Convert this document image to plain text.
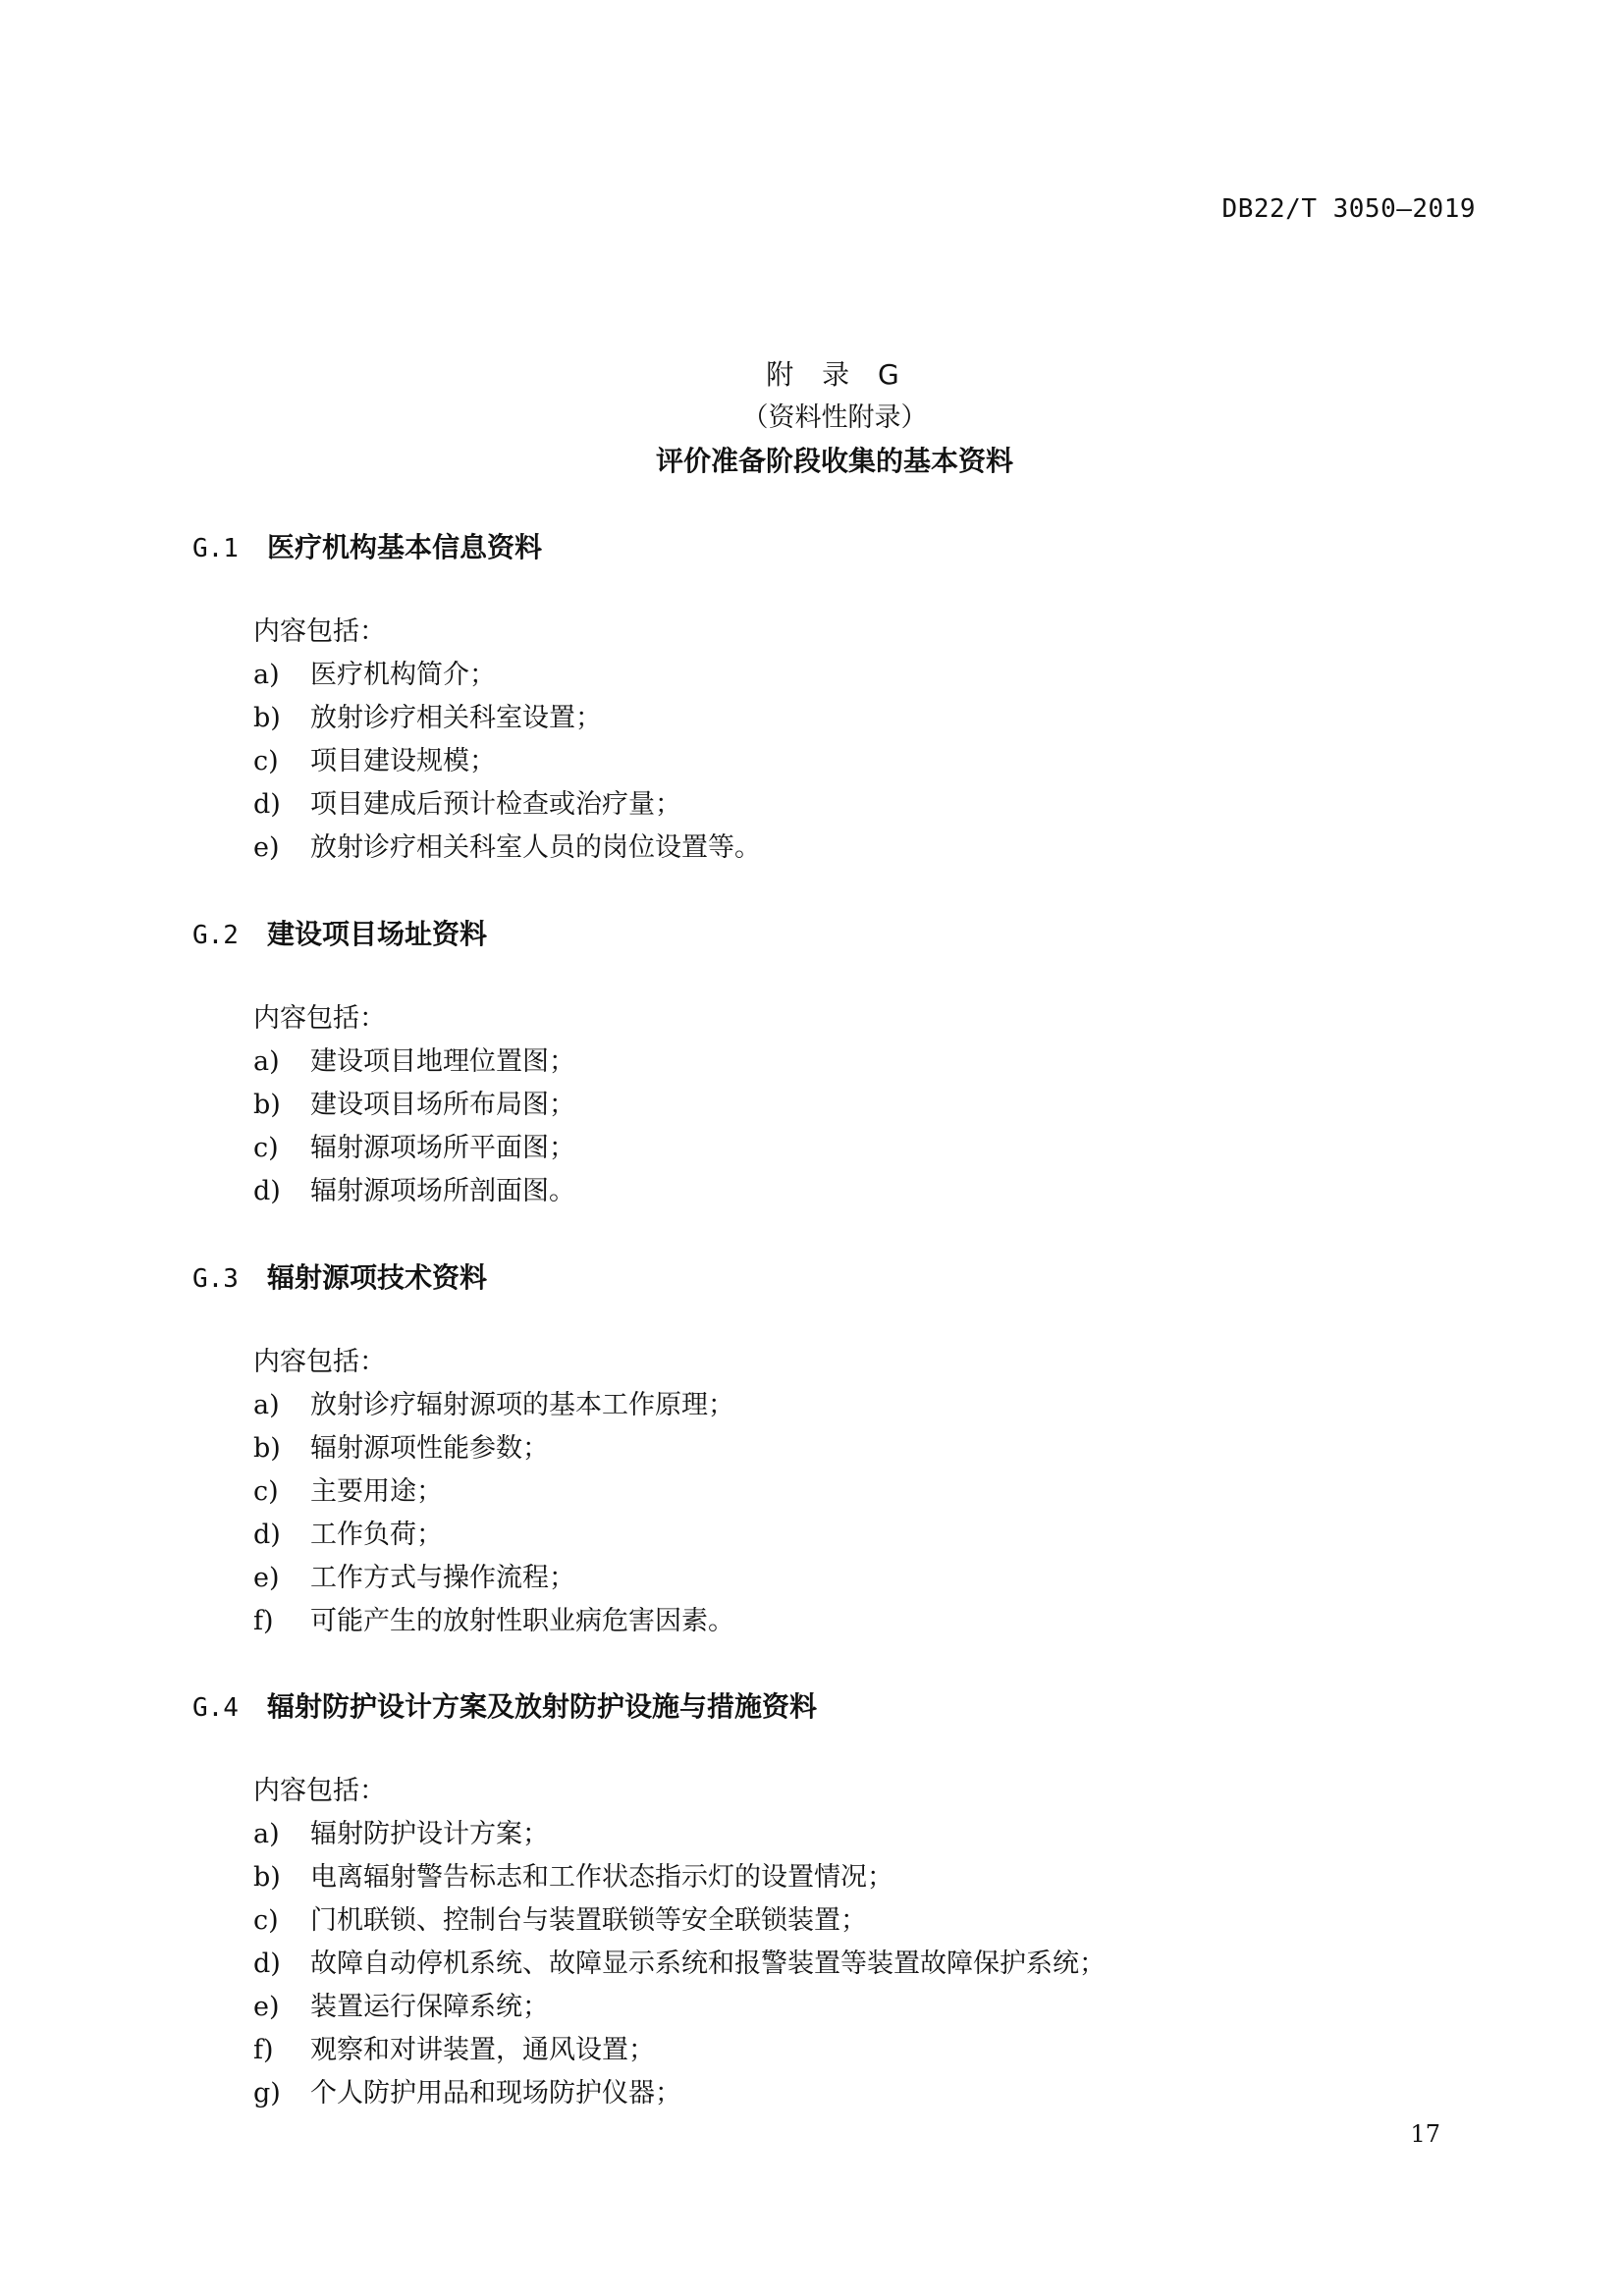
DB22/T 3050—2019
附 录 G
（资料性附录）
评价准备阶段收集的基本资料
G.1 医疗机构基本信息资料
内容包括：
a) 医疗机构简介；
b) 放射诊疗相关科室设置；
c) 项目建设规模；
d) 项目建成后预计检查或治疗量；
e) 放射诊疗相关科室人员的岗位设置等。
G.2 建设项目场址资料
内容包括：
a) 建设项目地理位置图；
b) 建设项目场所布局图；
c) 辐射源项场所平面图；
d) 辐射源项场所剖面图。
G.3 辐射源项技术资料
内容包括：
a) 放射诊疗辐射源项的基本工作原理；
b) 辐射源项性能参数；
c) 主要用途；
d) 工作负荷；
e) 工作方式与操作流程；
f) 可能产生的放射性职业病危害因素。
G.4 辐射防护设计方案及放射防护设施与措施资料
内容包括：
a) 辐射防护设计方案；
b) 电离辐射警告标志和工作状态指示灯的设置情况；
c) 门机联锁、控制台与装置联锁等安全联锁装置；
d) 故障自动停机系统、故障显示系统和报警装置等装置故障保护系统；
e) 装置运行保障系统；
f) 观察和对讲装置，通风设置；
g) 个人防护用品和现场防护仪器；
17
